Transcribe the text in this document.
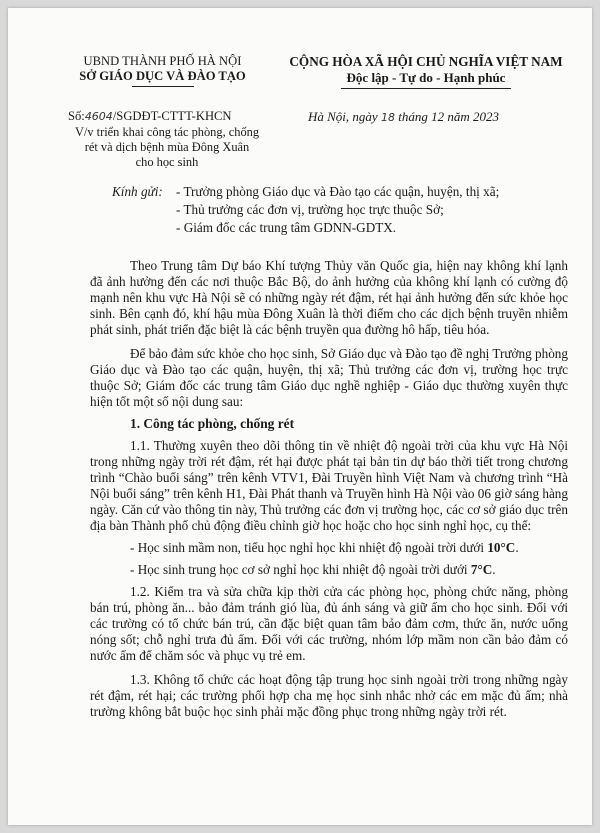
UBND THÀNH PHỐ HÀ NỘI
SỞ GIÁO DỤC VÀ ĐÀO TẠO
CỘNG HÒA XÃ HỘI CHỦ NGHĨA VIỆT NAM
Độc lập - Tự do - Hạnh phúc
Số:4604/SGDĐT-CTTT-KHCN	Hà Nội, ngày 18 tháng 12 năm 2023
V/v triển khai công tác phòng, chống
rét và dịch bệnh mùa Đông Xuân
cho học sinh
Kính gửi: - Trưởng phòng Giáo dục và Đào tạo các quận, huyện, thị xã;
- Thủ trưởng các đơn vị, trường học trực thuộc Sở;
- Giám đốc các trung tâm GDNN-GDTX.

Theo Trung tâm Dự báo Khí tượng Thủy văn Quốc gia, hiện nay không khí lạnh đã ảnh hưởng đến các nơi thuộc Bắc Bộ, do ảnh hưởng của không khí lạnh có cường độ mạnh nên khu vực Hà Nội sẽ có những ngày rét đậm, rét hại ảnh hưởng đến sức khỏe học sinh. Bên cạnh đó, khí hậu mùa Đông Xuân là thời điểm cho các dịch bệnh truyền nhiễm phát sinh, phát triển đặc biệt là các bệnh truyền qua đường hô hấp, tiêu hóa.

Để bảo đảm sức khỏe cho học sinh, Sở Giáo dục và Đào tạo đề nghị Trưởng phòng Giáo dục và Đào tạo các quận, huyện, thị xã; Thủ trưởng các đơn vị, trường học trực thuộc Sở; Giám đốc các trung tâm Giáo dục nghề nghiệp - Giáo dục thường xuyên thực hiện tốt một số nội dung sau:

1. Công tác phòng, chống rét

1.1. Thường xuyên theo dõi thông tin về nhiệt độ ngoài trời của khu vực Hà Nội trong những ngày trời rét đậm, rét hại được phát tại bản tin dự báo thời tiết trong chương trình “Chào buổi sáng” trên kênh VTV1, Đài Truyền hình Việt Nam và chương trình “Hà Nội buổi sáng” trên kênh H1, Đài Phát thanh và Truyền hình Hà Nội vào 06 giờ sáng hàng ngày. Căn cứ vào thông tin này, Thủ trưởng các đơn vị trường học, các cơ sở giáo dục trên địa bàn Thành phố chủ động điều chỉnh giờ học hoặc cho học sinh nghỉ học, cụ thể:

- Học sinh mầm non, tiểu học nghỉ học khi nhiệt độ ngoài trời dưới 10°C.
- Học sinh trung học cơ sở nghỉ học khi nhiệt độ ngoài trời dưới 7°C.

1.2. Kiểm tra và sửa chữa kịp thời cửa các phòng học, phòng chức năng, phòng bán trú, phòng ăn... bảo đảm tránh gió lùa, đủ ánh sáng và giữ ấm cho học sinh. Đối với các trường có tổ chức bán trú, cần đặc biệt quan tâm bảo đảm cơm, thức ăn, nước uống nóng sốt; chỗ nghỉ trưa đủ ấm. Đối với các trường, nhóm lớp mầm non cần bảo đảm có nước ấm để chăm sóc và phục vụ trẻ em.

1.3. Không tổ chức các hoạt động tập trung học sinh ngoài trời trong những ngày rét đậm, rét hại; các trường phối hợp cha mẹ học sinh nhắc nhở các em mặc đủ ấm; nhà trường không bắt buộc học sinh phải mặc đồng phục trong những ngày trời rét.
